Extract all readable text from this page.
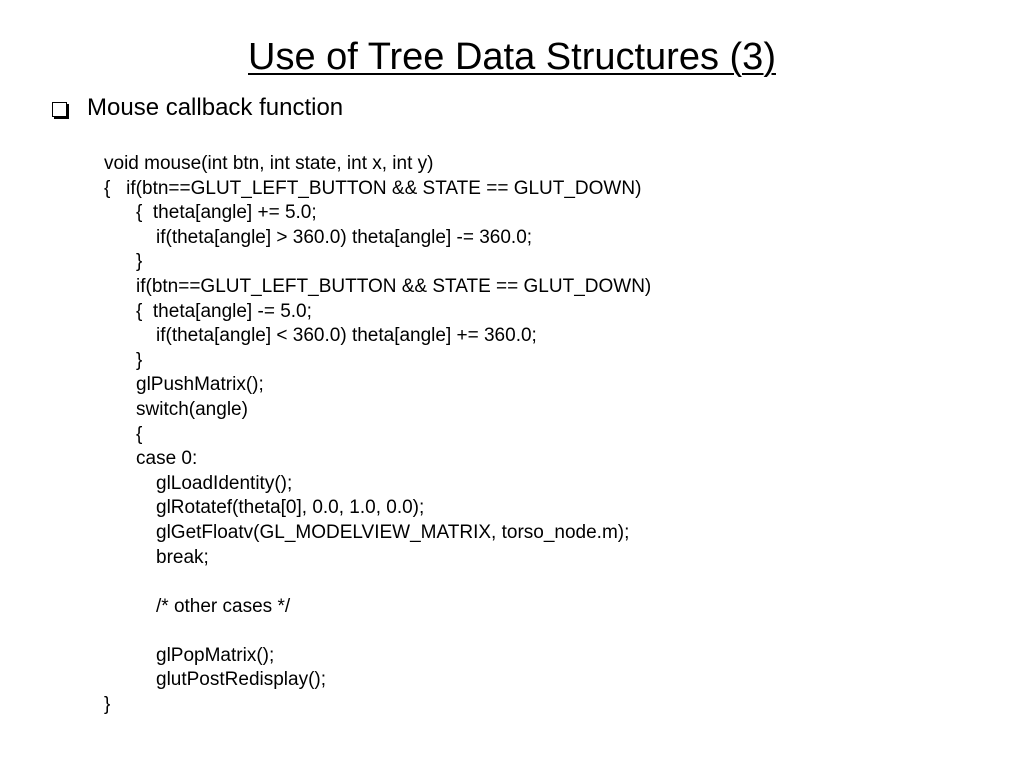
Use of Tree Data Structures (3)
Mouse callback function
void mouse(int btn, int state, int x, int y)
{   if(btn==GLUT_LEFT_BUTTON && STATE == GLUT_DOWN)
{  theta[angle] += 5.0;
if(theta[angle] > 360.0) theta[angle] -= 360.0;
}
if(btn==GLUT_LEFT_BUTTON && STATE == GLUT_DOWN)
{  theta[angle] -= 5.0;
if(theta[angle] < 360.0) theta[angle] += 360.0;
}
glPushMatrix();
switch(angle)
{
case 0:
glLoadIdentity();
glRotatef(theta[0], 0.0, 1.0, 0.0);
glGetFloatv(GL_MODELVIEW_MATRIX, torso_node.m);
break;
/* other cases */
glPopMatrix();
glutPostRedisplay();
}
